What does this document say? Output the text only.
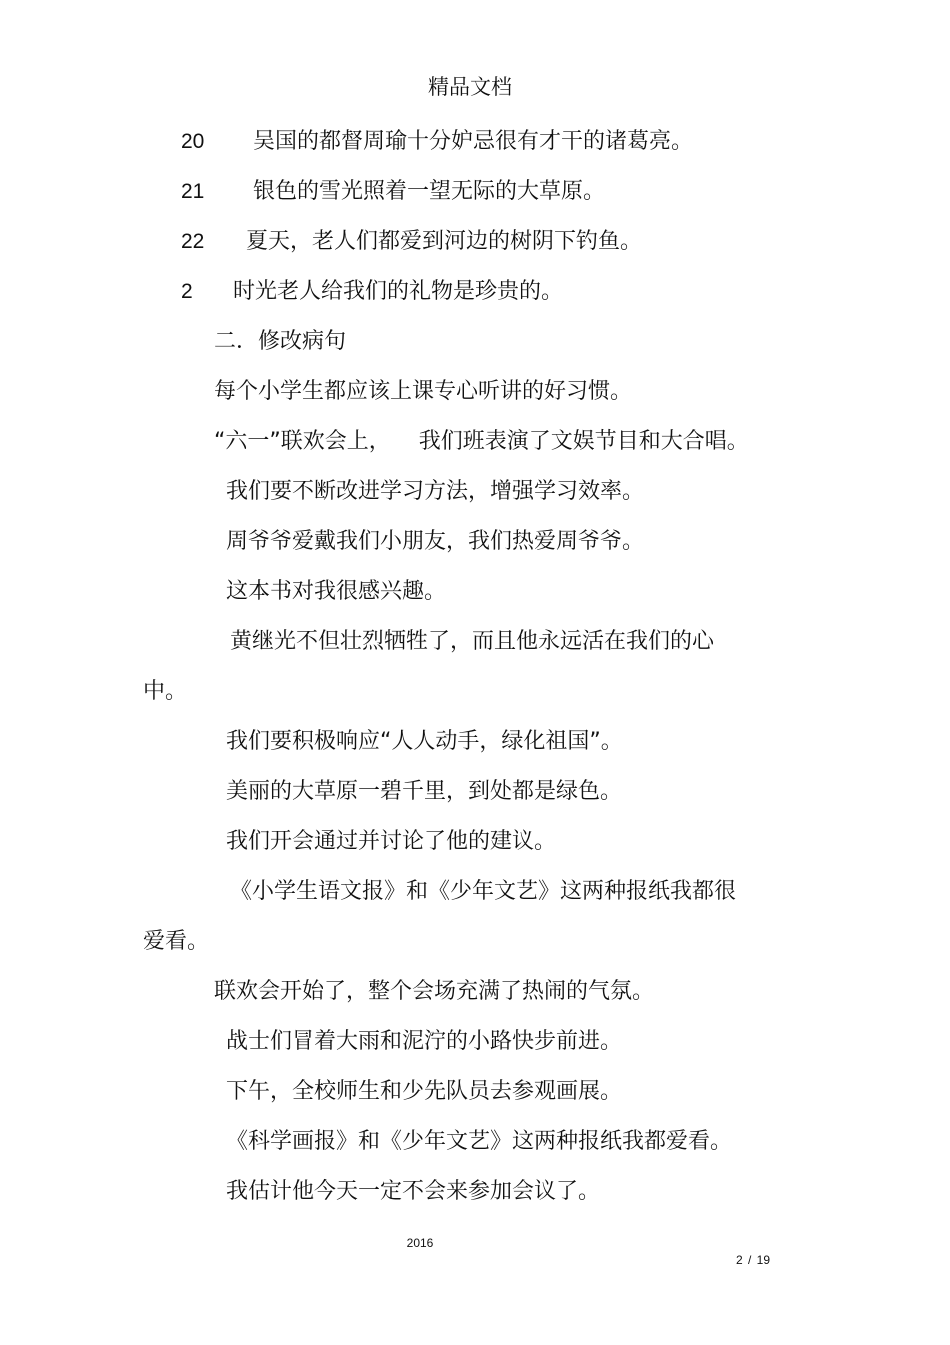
精品文档
20 吴国的都督周瑜十分妒忌很有才干的诸葛亮。
21 银色的雪光照着一望无际的大草原。
22 夏天，老人们都爱到河边的树阴下钓鱼。
2 时光老人给我们的礼物是珍贵的。
二．修改病句
每个小学生都应该上课专心听讲的好习惯。
“六一”联欢会上，    我们班表演了文娱节目和大合唱。
我们要不断改进学习方法，增强学习效率。
周爷爷爱戴我们小朋友，我们热爱周爷爷。
这本书对我很感兴趣。
黄继光不但壮烈牺牲了，而且他永远活在我们的心
中。
我们要积极响应“人人动手，绿化祖国”。
美丽的大草原一碧千里，到处都是绿色。
我们开会通过并讨论了他的建议。
《小学生语文报》和《少年文艺》这两种报纸我都很
爱看。
联欢会开始了，整个会场充满了热闹的气氛。
战士们冒着大雨和泥泞的小路快步前进。
下午，全校师生和少先队员去参观画展。
《科学画报》和《少年文艺》这两种报纸我都爱看。
我估计他今天一定不会来参加会议了。
2016
2 / 19
